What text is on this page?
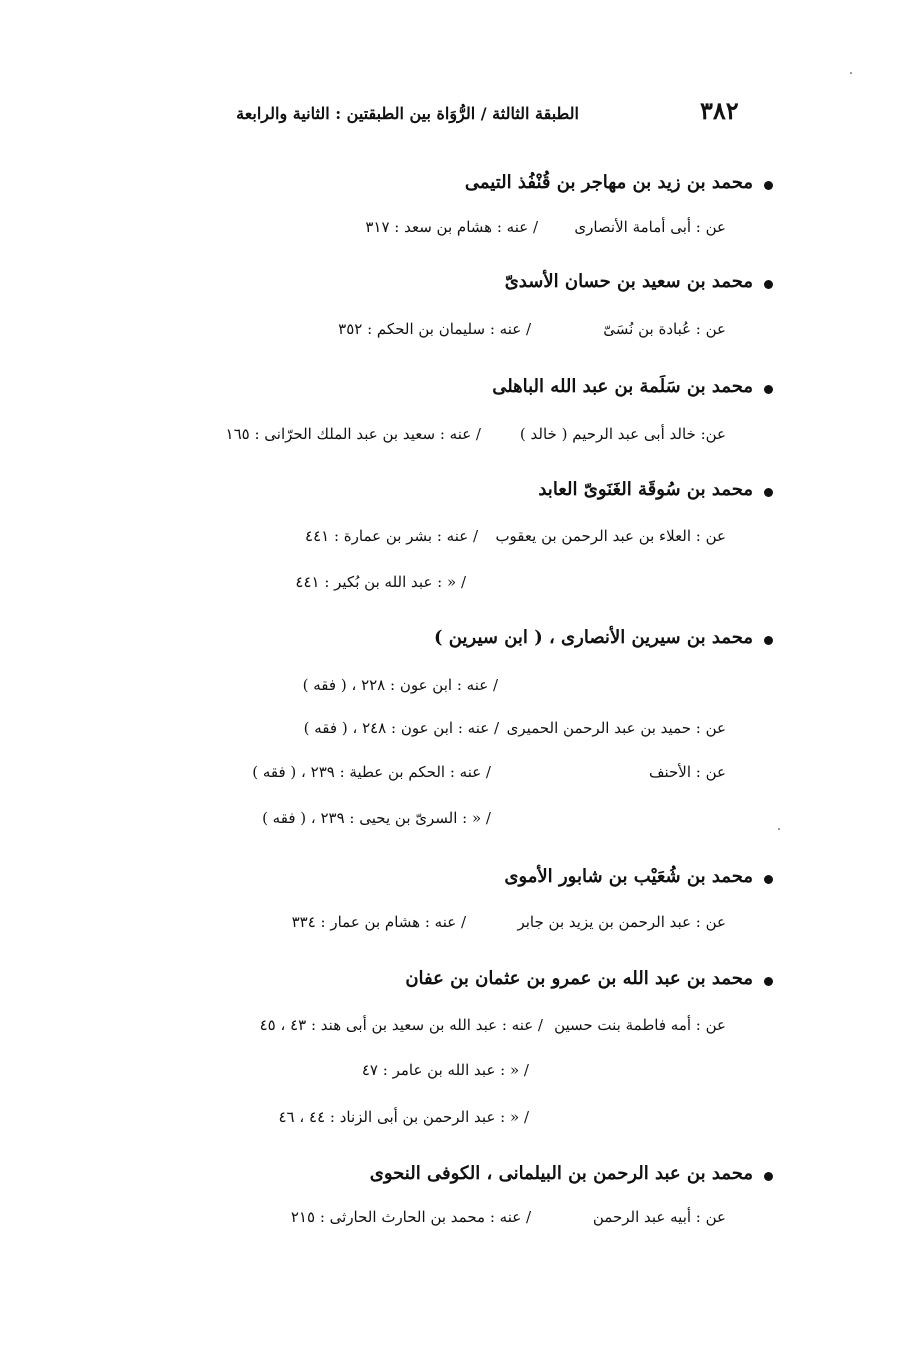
٣٨٢
الطبقة الثالثة / الرُّوَاة بين الطبقتين : الثانية والرابعة
محمد بن زيد بن مهاجر بن قُنْفُذ التيمى
عن : أبى أمامة الأنصارى
/ عنه : هشام بن سعد : ٣١٧
محمد بن سعيد بن حسان الأسدىّ
عن : عُبادة بن نُسَىّ
/ عنه : سليمان بن الحكم : ٣٥٢
محمد بن سَلَمة بن عبد الله الباهلى
عن: خالد أبى عبد الرحيم ( خالد )
/ عنه : سعيد بن عبد الملك الحرّانى : ١٦٥
محمد بن سُوقَة الغَنَوىّ العابد
عن : العلاء بن عبد الرحمن بن يعقوب
/ عنه : بشر بن عمارة : ٤٤١
/ « : عبد الله بن بُكير : ٤٤١
محمد بن سيرين الأنصارى ، ( ابن سيرين )
/ عنه : ابن عون : ٢٢٨ ، ( فقه )
عن : حميد بن عبد الرحمن الحميرى
/ عنه : ابن عون : ٢٤٨ ، ( فقه )
عن : الأحنف
/ عنه : الحكم بن عطية : ٢٣٩ ، ( فقه )
/ « : السرىّ بن يحيى : ٢٣٩ ، ( فقه )
محمد بن شُعَيْب بن شابور الأموى
عن : عبد الرحمن بن يزيد بن جابر
/ عنه : هشام بن عمار : ٣٣٤
محمد بن عبد الله بن عمرو بن عثمان بن عفان
عن : أمه فاطمة بنت حسين
/ عنه : عبد الله بن سعيد بن أبى هند : ٤٣ ، ٤٥
/ « : عبد الله بن عامر : ٤٧
/ « : عبد الرحمن بن أبى الزناد : ٤٤ ، ٤٦
محمد بن عبد الرحمن بن البيلمانى ، الكوفى النحوى
عن : أبيه عبد الرحمن
/ عنه : محمد بن الحارث الحارثى : ٢١٥
